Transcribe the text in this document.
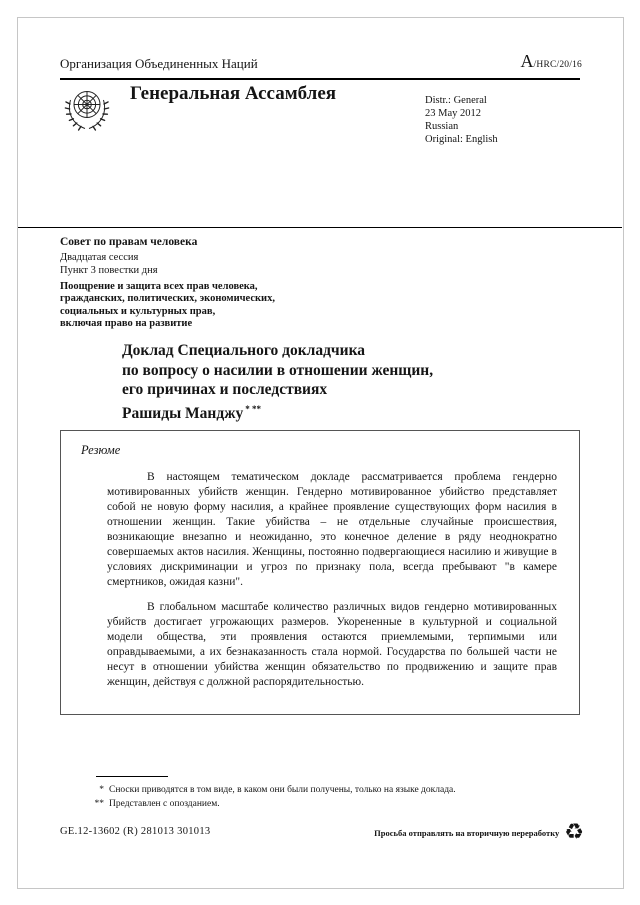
Организация Объединенных Наций	A/HRC/20/16
Генеральная Ассамблея	Distr.: General
23 May 2012
Russian
Original: English
Совет по правам человека
Двадцатая сессия
Пункт 3 повестки дня
Поощрение и защита всех прав человека,
гражданских, политических, экономических,
социальных и культурных прав,
включая право на развитие
Доклад Специального докладчика
по вопросу о насилии в отношении женщин,
его причинах и последствиях
Рашиды Манджу * **
Резюме

В настоящем тематическом докладе рассматривается проблема гендерно мотивированных убийств женщин. Гендерно мотивированное убийство представляет собой не новую форму насилия, а крайнее проявление существующих форм насилия в отношении женщин. Такие убийства – не отдельные случайные происшествия, возникающие внезапно и неожиданно, это конечное деление в ряду неоднократно совершаемых актов насилия. Женщины, постоянно подвергающиеся насилию и живущие в условиях дискриминации и угроз по признаку пола, всегда пребывают "в камере смертников, ожидая казни".

В глобальном масштабе количество различных видов гендерно мотивированных убийств достигает угрожающих размеров. Укорененные в культурной и социальной модели общества, эти проявления остаются приемлемыми, терпимыми или оправдываемыми, а их безнаказанность стала нормой. Государства по большей части не несут в отношении убийства женщин обязательство по продвижению и защите прав женщин, действуя с должной распорядительностью.

* Сноски приводятся в том виде, в каком они были получены, только на языке доклада.
** Представлен с опозданием.
GE.12-13602 (R) 281013 301013	Просьба отправлять на вторичную переработку ♻
